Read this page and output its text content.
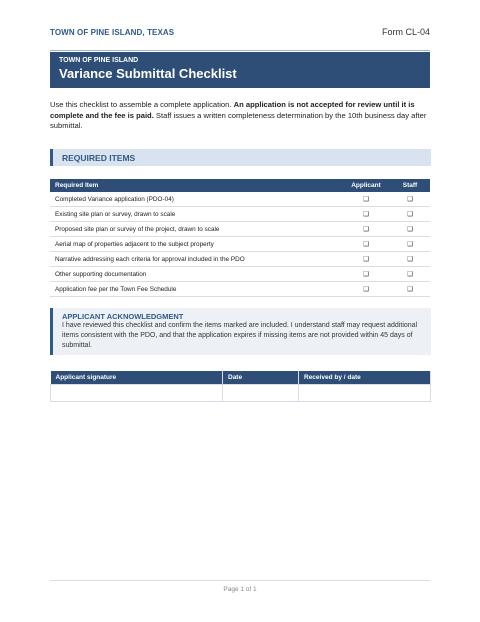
TOWN OF PINE ISLAND, TEXAS	Form CL-04
TOWN OF PINE ISLAND
Variance Submittal Checklist

Use this checklist to assemble a complete application. An application is not accepted for review until it is complete and the fee is paid. Staff issues a written completeness determination by the 10th business day after submittal.

REQUIRED ITEMS
Required Item	Applicant	Staff
Completed Variance application (PDO-04)	❑	❑
Existing site plan or survey, drawn to scale	❑	❑
Proposed site plan or survey of the project, drawn to scale	❑	❑
Aerial map of properties adjacent to the subject property	❑	❑
Narrative addressing each criteria for approval included in the PDO	❑	❑
Other supporting documentation	❑	❑
Application fee per the Town Fee Schedule	❑	❑
APPLICANT ACKNOWLEDGMENT
I have reviewed this checklist and confirm the items marked are included. I understand staff may request additional items consistent with the PDO, and that the application expires if missing items are not provided within 45 days of submittal.
Applicant signature	Date	Received by / date

Page 1 of 1
